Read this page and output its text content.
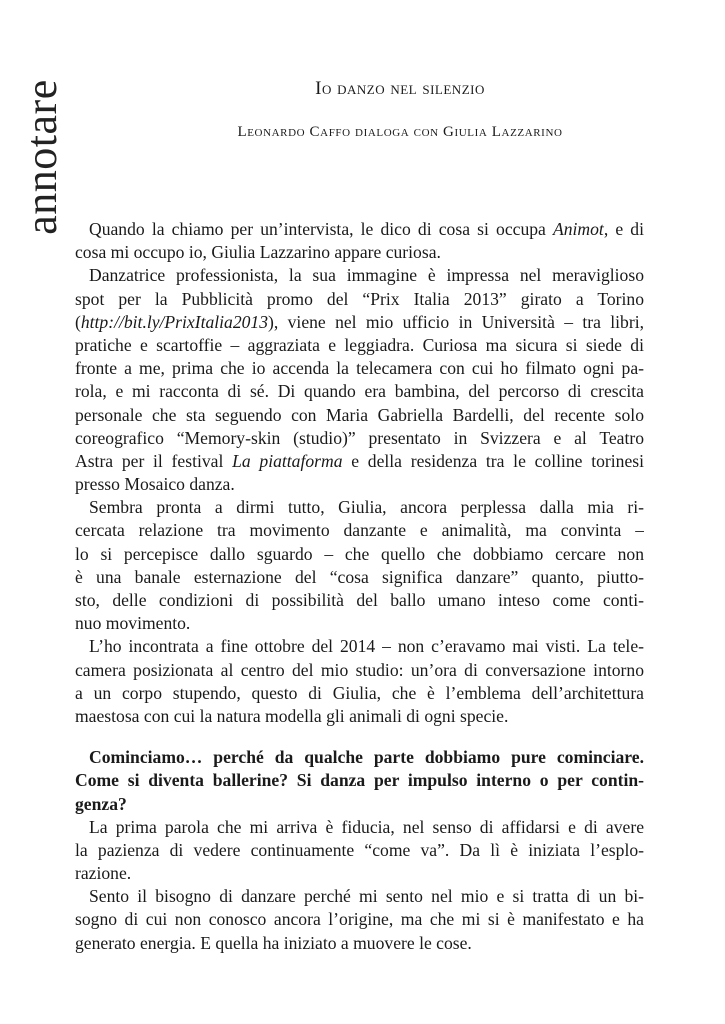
annotare	Io danzo nel silenzio
Leonardo Caffo dialoga con Giulia Lazzarino
Quando la chiamo per un’intervista, le dico di cosa si occupa Animot, e di
cosa mi occupo io, Giulia Lazzarino appare curiosa.
Danzatrice professionista, la sua immagine è impressa nel meraviglioso
spot per la Pubblicità promo del “Prix Italia 2013” girato a Torino
(http://bit.ly/PrixItalia2013), viene nel mio ufficio in Università – tra libri,
pratiche e scartoffie – aggraziata e leggiadra. Curiosa ma sicura si siede di
fronte a me, prima che io accenda la telecamera con cui ho filmato ogni pa-
rola, e mi racconta di sé. Di quando era bambina, del percorso di crescita
personale che sta seguendo con Maria Gabriella Bardelli, del recente solo
coreografico “Memory-skin (studio)” presentato in Svizzera e al Teatro
Astra per il festival La piattaforma e della residenza tra le colline torinesi
presso Mosaico danza.
Sembra pronta a dirmi tutto, Giulia, ancora perplessa dalla mia ri-
cercata relazione tra movimento danzante e animalità, ma convinta –
lo si percepisce dallo sguardo – che quello che dobbiamo cercare non
è una banale esternazione del “cosa significa danzare” quanto, piutto-
sto, delle condizioni di possibilità del ballo umano inteso come conti-
nuo movimento.
L’ho incontrata a fine ottobre del 2014 – non c’eravamo mai visti. La tele-
camera posizionata al centro del mio studio: un’ora di conversazione intorno
a un corpo stupendo, questo di Giulia, che è l’emblema dell’architettura
maestosa con cui la natura modella gli animali di ogni specie.
Cominciamo… perché da qualche parte dobbiamo pure cominciare.
Come si diventa ballerine? Si danza per impulso interno o per contin-
genza?
La prima parola che mi arriva è fiducia, nel senso di affidarsi e di avere
la pazienza di vedere continuamente “come va”. Da lì è iniziata l’esplo-
razione.
Sento il bisogno di danzare perché mi sento nel mio e si tratta di un bi-
sogno di cui non conosco ancora l’origine, ma che mi si è manifestato e ha
generato energia. E quella ha iniziato a muovere le cose.
